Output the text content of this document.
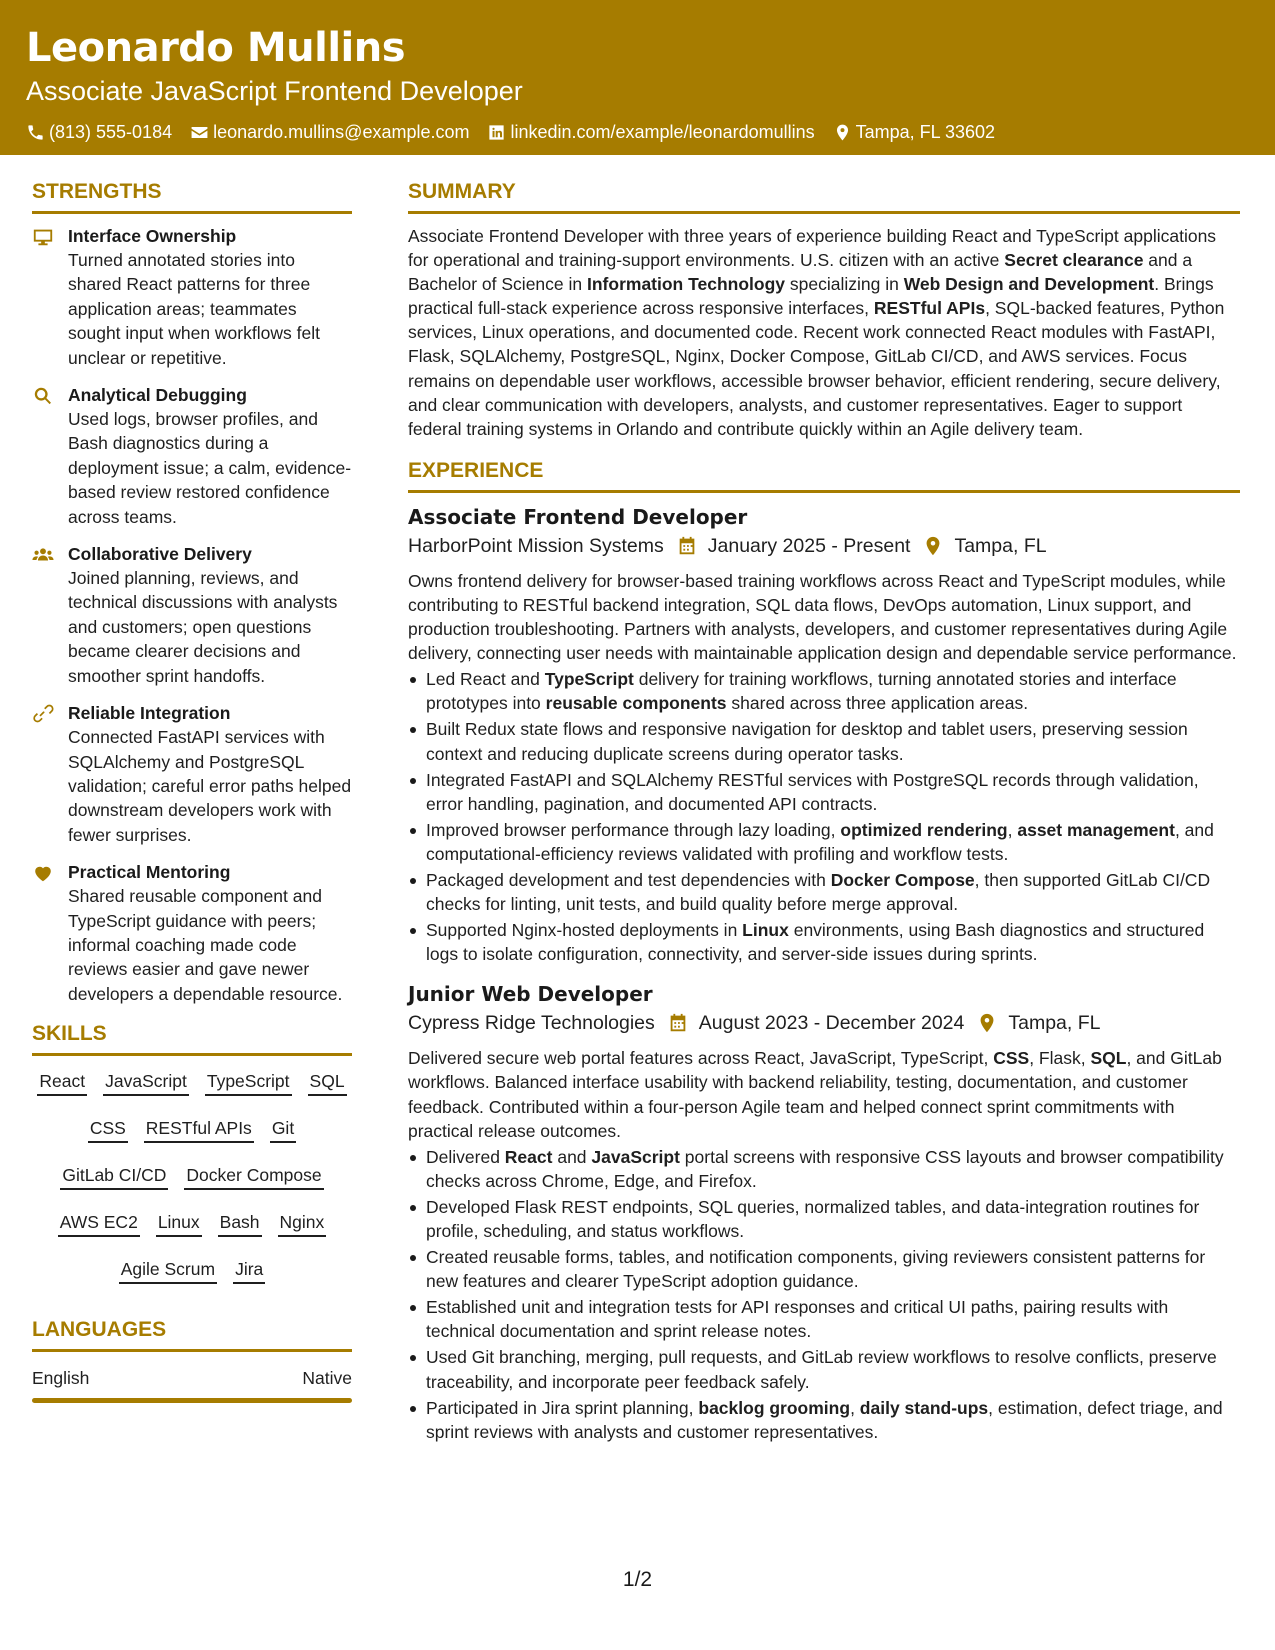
Leonardo Mullins
Associate JavaScript Frontend Developer
(813) 555-0184 leonardo.mullins@example.com linkedin.com/example/leonardomullins Tampa, FL 33602
STRENGTHS
Interface Ownership
Turned annotated stories into shared React patterns for three application areas; teammates sought input when workflows felt unclear or repetitive.
Analytical Debugging
Used logs, browser profiles, and Bash diagnostics during a deployment issue; a calm, evidence-based review restored confidence across teams.
Collaborative Delivery
Joined planning, reviews, and technical discussions with analysts and customers; open questions became clearer decisions and smoother sprint handoffs.
Reliable Integration
Connected FastAPI services with SQLAlchemy and PostgreSQL validation; careful error paths helped downstream developers work with fewer surprises.
Practical Mentoring
Shared reusable component and TypeScript guidance with peers; informal coaching made code reviews easier and gave newer developers a dependable resource.
SKILLS
React JavaScript TypeScript SQL
CSS RESTful APIs Git
GitLab CI/CD Docker Compose
AWS EC2 Linux Bash Nginx
Agile Scrum Jira
LANGUAGES
English	Native
SUMMARY
Associate Frontend Developer with three years of experience building React and TypeScript applications for operational and training-support environments. U.S. citizen with an active Secret clearance and a Bachelor of Science in Information Technology specializing in Web Design and Development. Brings practical full-stack experience across responsive interfaces, RESTful APIs, SQL-backed features, Python services, Linux operations, and documented code. Recent work connected React modules with FastAPI, Flask, SQLAlchemy, PostgreSQL, Nginx, Docker Compose, GitLab CI/CD, and AWS services. Focus remains on dependable user workflows, accessible browser behavior, efficient rendering, secure delivery, and clear communication with developers, analysts, and customer representatives. Eager to support federal training systems in Orlando and contribute quickly within an Agile delivery team.
EXPERIENCE
Associate Frontend Developer
HarborPoint Mission Systems January 2025 - Present Tampa, FL
Owns frontend delivery for browser-based training workflows across React and TypeScript modules, while contributing to RESTful backend integration, SQL data flows, DevOps automation, Linux support, and production troubleshooting. Partners with analysts, developers, and customer representatives during Agile delivery, connecting user needs with maintainable application design and dependable service performance.
Led React and TypeScript delivery for training workflows, turning annotated stories and interface prototypes into reusable components shared across three application areas.
Built Redux state flows and responsive navigation for desktop and tablet users, preserving session context and reducing duplicate screens during operator tasks.
Integrated FastAPI and SQLAlchemy RESTful services with PostgreSQL records through validation, error handling, pagination, and documented API contracts.
Improved browser performance through lazy loading, optimized rendering, asset management, and computational-efficiency reviews validated with profiling and workflow tests.
Packaged development and test dependencies with Docker Compose, then supported GitLab CI/CD checks for linting, unit tests, and build quality before merge approval.
Supported Nginx-hosted deployments in Linux environments, using Bash diagnostics and structured logs to isolate configuration, connectivity, and server-side issues during sprints.
Junior Web Developer
Cypress Ridge Technologies August 2023 - December 2024 Tampa, FL
Delivered secure web portal features across React, JavaScript, TypeScript, CSS, Flask, SQL, and GitLab workflows. Balanced interface usability with backend reliability, testing, documentation, and customer feedback. Contributed within a four-person Agile team and helped connect sprint commitments with practical release outcomes.
Delivered React and JavaScript portal screens with responsive CSS layouts and browser compatibility checks across Chrome, Edge, and Firefox.
Developed Flask REST endpoints, SQL queries, normalized tables, and data-integration routines for profile, scheduling, and status workflows.
Created reusable forms, tables, and notification components, giving reviewers consistent patterns for new features and clearer TypeScript adoption guidance.
Established unit and integration tests for API responses and critical UI paths, pairing results with technical documentation and sprint release notes.
Used Git branching, merging, pull requests, and GitLab review workflows to resolve conflicts, preserve traceability, and incorporate peer feedback safely.
Participated in Jira sprint planning, backlog grooming, daily stand-ups, estimation, defect triage, and sprint reviews with analysts and customer representatives.
1/2
